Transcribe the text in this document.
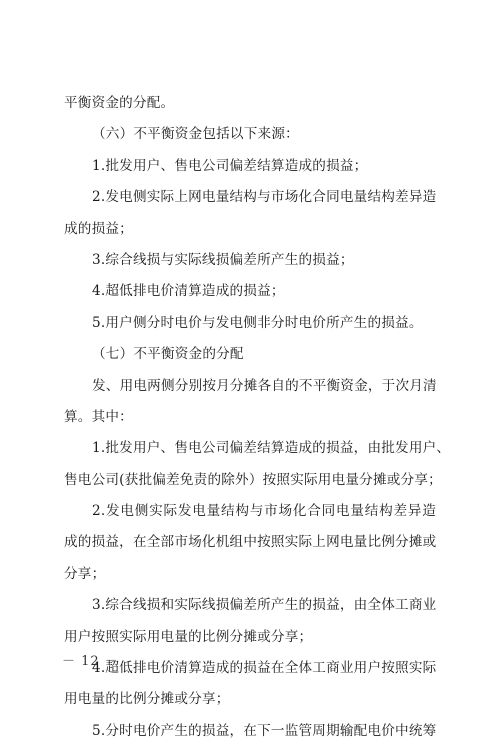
平衡资金的分配。
（六）不平衡资金包括以下来源：
1.批发用户、售电公司偏差结算造成的损益；
2.发电侧实际上网电量结构与市场化合同电量结构差异造
成的损益；
3.综合线损与实际线损偏差所产生的损益；
4.超低排电价清算造成的损益；
5.用户侧分时电价与发电侧非分时电价所产生的损益。
（七）不平衡资金的分配
发、用电两侧分别按月分摊各自的不平衡资金，于次月清
算。其中：
1.批发用户、售电公司偏差结算造成的损益，由批发用户、
售电公司(获批偏差免责的除外）按照实际用电量分摊或分享；
2.发电侧实际发电量结构与市场化合同电量结构差异造
成的损益，在全部市场化机组中按照实际上网电量比例分摊或
分享；
3.综合线损和实际线损偏差所产生的损益，由全体工商业
用户按照实际用电量的比例分摊或分享；
4.超低排电价清算造成的损益在全体工商业用户按照实际
用电量的比例分摊或分享；
5.分时电价产生的损益，在下一监管周期输配电价中统筹
－ 12 －
